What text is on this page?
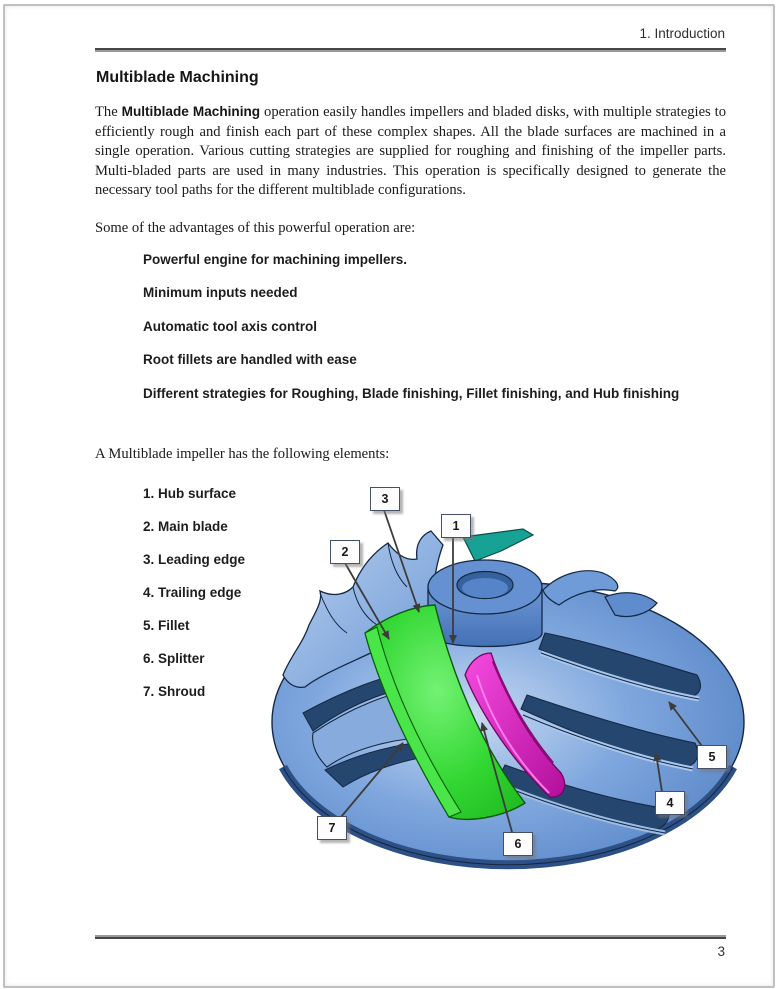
1. Introduction
Multiblade Machining
The Multiblade Machining operation easily handles impellers and bladed disks, with multiple strategies to efficiently rough and finish each part of these complex shapes. All the blade surfaces are machined in a single operation. Various cutting strategies are supplied for roughing and finishing of the impeller parts. Multi-bladed parts are used in many industries. This operation is specifically designed to generate the necessary tool paths for the different multiblade configurations.
Some of the advantages of this powerful operation are:
Powerful engine for machining impellers.
Minimum inputs needed
Automatic tool axis control
Root fillets are handled with ease
Different strategies for Roughing, Blade finishing, Fillet finishing, and Hub finishing
A Multiblade impeller has the following elements:
1. Hub surface
2. Main blade
3. Leading edge
4. Trailing edge
5. Fillet
6. Splitter
7. Shroud
1
2
3
4
5
6
7
3
